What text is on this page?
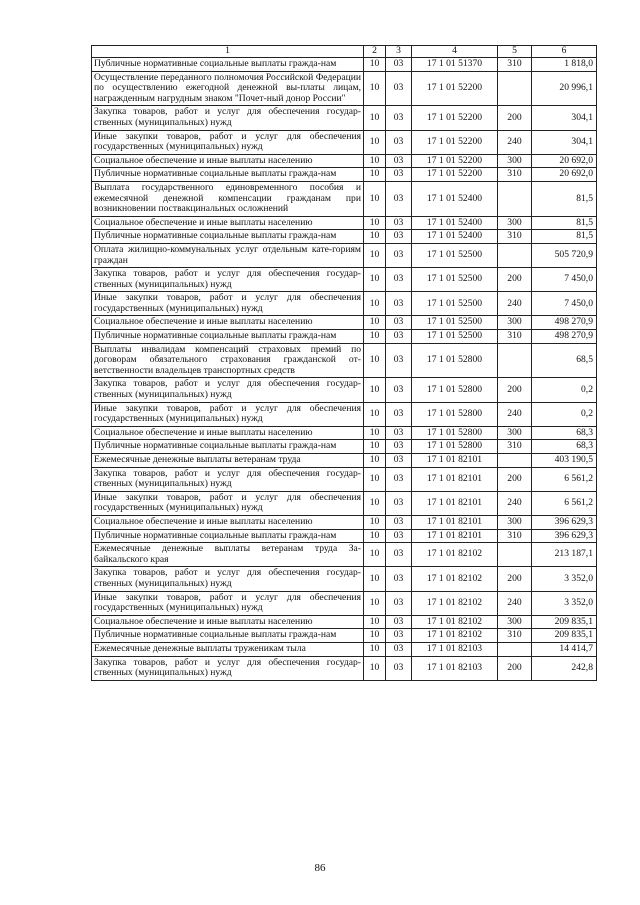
1	2	3	4	5	6
Публичные нормативные социальные выплаты граждa-нам	10	03	17 1 01 51370	310	1 818,0
Осуществление переданного полномочия Российской Федерации по осуществлению ежегодной денежной вы-платы лицам, награжденным нагрудным знаком "Почет-ный донор России"	10	03	17 1 01 52200		20 996,1
Закупка товаров, работ и услуг для обеспечения государ-ственных (муниципальных) нужд	10	03	17 1 01 52200	200	304,1
Иные закупки товаров, работ и услуг для обеспечения государственных (муниципальных) нужд	10	03	17 1 01 52200	240	304,1
Социальное обеспечение и иные выплаты населению	10	03	17 1 01 52200	300	20 692,0
Публичные нормативные социальные выплаты гражда-нам	10	03	17 1 01 52200	310	20 692,0
Выплата государственного единовременного пособия и ежемесячной денежной компенсации гражданам при возникновении поствакцинальных осложнений	10	03	17 1 01 52400		81,5
Социальное обеспечение и иные выплаты населению	10	03	17 1 01 52400	300	81,5
Публичные нормативные социальные выплаты гражда-нам	10	03	17 1 01 52400	310	81,5
Оплата жилищно-коммунальных услуг отдельным кате-гориям граждан	10	03	17 1 01 52500		505 720,9
Закупка товаров, работ и услуг для обеспечения государ-ственных (муниципальных) нужд	10	03	17 1 01 52500	200	7 450,0
Иные закупки товаров, работ и услуг для обеспечения государственных (муниципальных) нужд	10	03	17 1 01 52500	240	7 450,0
Социальное обеспечение и иные выплаты населению	10	03	17 1 01 52500	300	498 270,9
Публичные нормативные социальные выплаты гражда-нам	10	03	17 1 01 52500	310	498 270,9
Выплаты инвалидам компенсаций страховых премий по договорам обязательного страхования гражданской от-ветственности владельцев транспортных средств	10	03	17 1 01 52800		68,5
Закупка товаров, работ и услуг для обеспечения государ-ственных (муниципальных) нужд	10	03	17 1 01 52800	200	0,2
Иные закупки товаров, работ и услуг для обеспечения государственных (муниципальных) нужд	10	03	17 1 01 52800	240	0,2
Социальное обеспечение и иные выплаты населению	10	03	17 1 01 52800	300	68,3
Публичные нормативные социальные выплаты гражда-нам	10	03	17 1 01 52800	310	68,3
Ежемесячные денежные выплаты ветеранам труда	10	03	17 1 01 82101		403 190,5
Закупка товаров, работ и услуг для обеспечения государ-ственных (муниципальных) нужд	10	03	17 1 01 82101	200	6 561,2
Иные закупки товаров, работ и услуг для обеспечения государственных (муниципальных) нужд	10	03	17 1 01 82101	240	6 561,2
Социальное обеспечение и иные выплаты населению	10	03	17 1 01 82101	300	396 629,3
Публичные нормативные социальные выплаты гражда-нам	10	03	17 1 01 82101	310	396 629,3
Ежемесячные денежные выплаты ветеранам труда За-байкальского края	10	03	17 1 01 82102		213 187,1
Закупка товаров, работ и услуг для обеспечения государ-ственных (муниципальных) нужд	10	03	17 1 01 82102	200	3 352,0
Иные закупки товаров, работ и услуг для обеспечения государственных (муниципальных) нужд	10	03	17 1 01 82102	240	3 352,0
Социальное обеспечение и иные выплаты населению	10	03	17 1 01 82102	300	209 835,1
Публичные нормативные социальные выплаты гражда-нам	10	03	17 1 01 82102	310	209 835,1
Ежемесячные денежные выплаты труженикам тыла	10	03	17 1 01 82103		14 414,7
Закупка товаров, работ и услуг для обеспечения государ-ственных (муниципальных) нужд	10	03	17 1 01 82103	200	242,8
86
